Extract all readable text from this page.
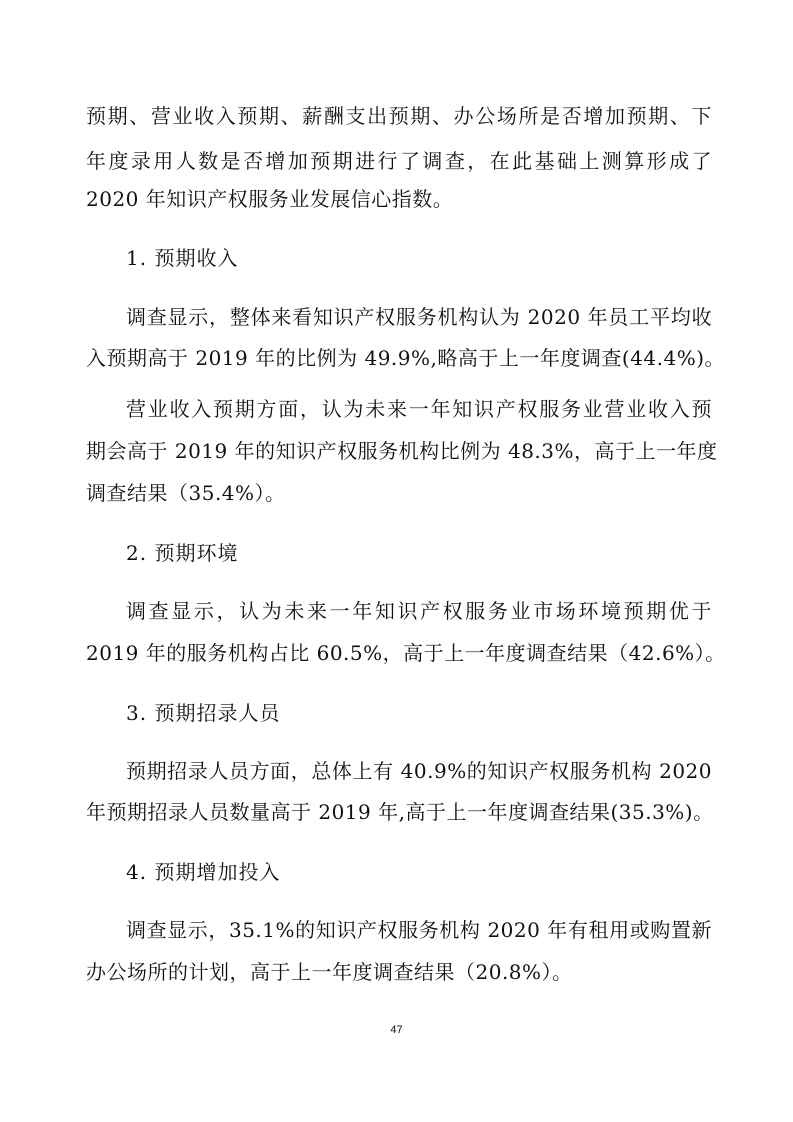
预期、营业收入预期、薪酬支出预期、办公场所是否增加预期、下
年度录用人数是否增加预期进行了调查，在此基础上测算形成了
2020 年知识产权服务业发展信心指数。
1. 预期收入
调查显示，整体来看知识产权服务机构认为 2020 年员工平均收
入预期高于 2019 年的比例为 49.9%,略高于上一年度调查(44.4%)。
营业收入预期方面，认为未来一年知识产权服务业营业收入预
期会高于 2019 年的知识产权服务机构比例为 48.3%，高于上一年度
调查结果（35.4%）。
2. 预期环境
调查显示，认为未来一年知识产权服务业市场环境预期优于
2019 年的服务机构占比 60.5%，高于上一年度调查结果（42.6%）。
3. 预期招录人员
预期招录人员方面，总体上有 40.9%的知识产权服务机构 2020
年预期招录人员数量高于 2019 年,高于上一年度调查结果(35.3%)。
4. 预期增加投入
调查显示，35.1%的知识产权服务机构 2020 年有租用或购置新
办公场所的计划，高于上一年度调查结果（20.8%）。
47
